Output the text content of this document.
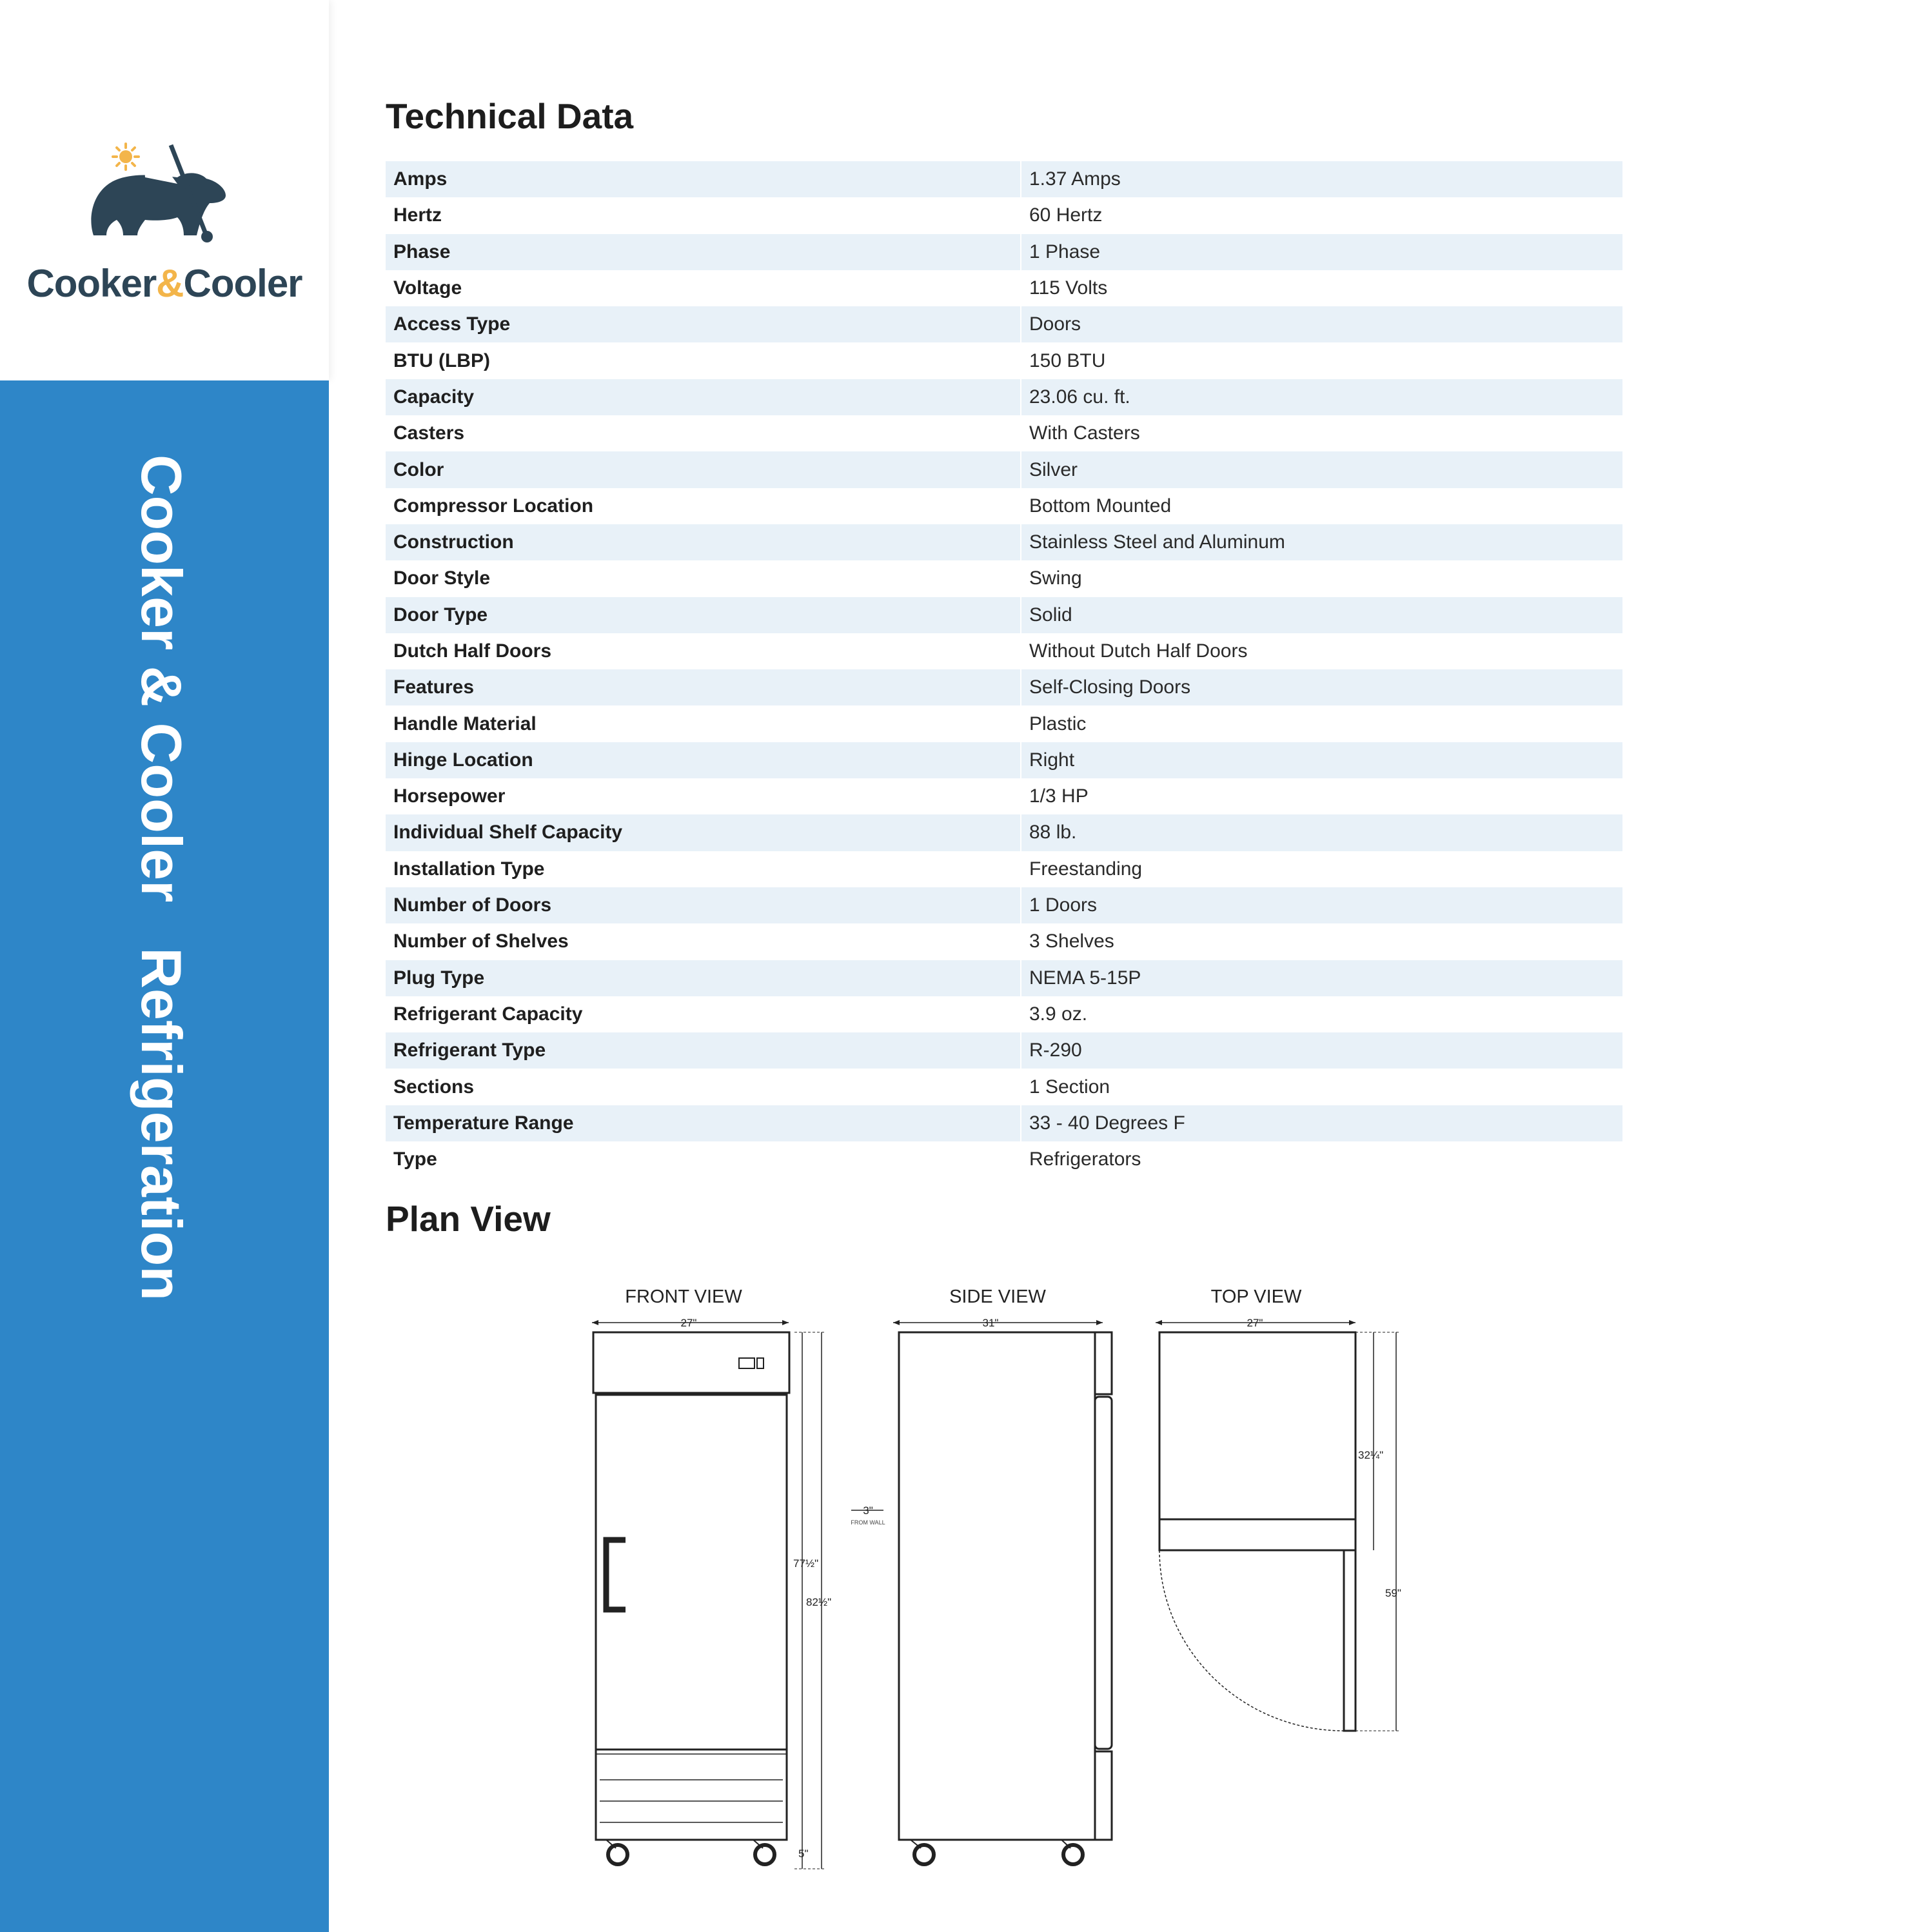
Cooker&Cooler
Cooker & Cooler
Refrigeration
Technical Data
Amps	1.37 Amps
Hertz	60 Hertz
Phase	1 Phase
Voltage	115 Volts
Access Type	Doors
BTU (LBP)	150 BTU
Capacity	23.06 cu. ft.
Casters	With Casters
Color	Silver
Compressor Location	Bottom Mounted
Construction	Stainless Steel and Aluminum
Door Style	Swing
Door Type	Solid
Dutch Half Doors	Without Dutch Half Doors
Features	Self-Closing Doors
Handle Material	Plastic
Hinge Location	Right
Horsepower	1/3 HP
Individual Shelf Capacity	88 lb.
Installation Type	Freestanding
Number of Doors	1 Doors
Number of Shelves	3 Shelves
Plug Type	NEMA 5-15P
Refrigerant Capacity	3.9 oz.
Refrigerant Type	R-290
Sections	1 Section
Temperature Range	33 - 40 Degrees F
Type	Refrigerators
Plan View
FRONT VIEW	SIDE VIEW	TOP VIEW
27"
77½"
82½"
5"
31"
3"
FROM WALL
27"
32¼"
59"
